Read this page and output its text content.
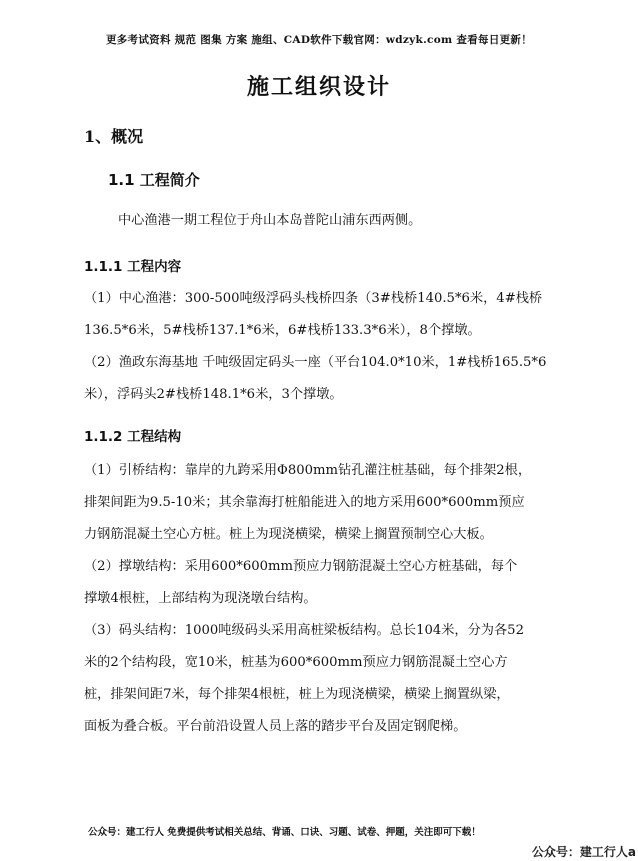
更多考试资料 规范 图集 方案 施组、CAD软件下载官网：wdzyk.com 查看每日更新！
施工组织设计
1、概况
1.1 工程简介
中心渔港一期工程位于舟山本岛普陀山浦东西两侧。
1.1.1 工程内容
（1）中心渔港：300-500吨级浮码头栈桥四条（3#栈桥140.5*6米，4#栈桥
136.5*6米，5#栈桥137.1*6米，6#栈桥133.3*6米），8个撑墩。
（2）渔政东海基地 千吨级固定码头一座（平台104.0*10米，1#栈桥165.5*6
米），浮码头2#栈桥148.1*6米，3个撑墩。
1.1.2 工程结构
（1）引桥结构：靠岸的九跨采用Φ800mm钻孔灌注桩基础，每个排架2根，
排架间距为9.5-10米；其余靠海打桩船能进入的地方采用600*600mm预应
力钢筋混凝土空心方桩。桩上为现浇横梁，横梁上搁置预制空心大板。
（2）撑墩结构：采用600*600mm预应力钢筋混凝土空心方桩基础，每个
撑墩4根桩，上部结构为现浇墩台结构。
（3）码头结构：1000吨级码头采用高桩梁板结构。总长104米，分为各52
米的2个结构段，宽10米，桩基为600*600mm预应力钢筋混凝土空心方
桩，排架间距7米，每个排架4根桩，桩上为现浇横梁，横梁上搁置纵梁，
面板为叠合板。平台前沿设置人员上落的踏步平台及固定钢爬梯。
公众号：建工行人 免费提供考试相关总结、背诵、口诀、习题、试卷、押题，关注即可下载！
公众号：建工行人a
